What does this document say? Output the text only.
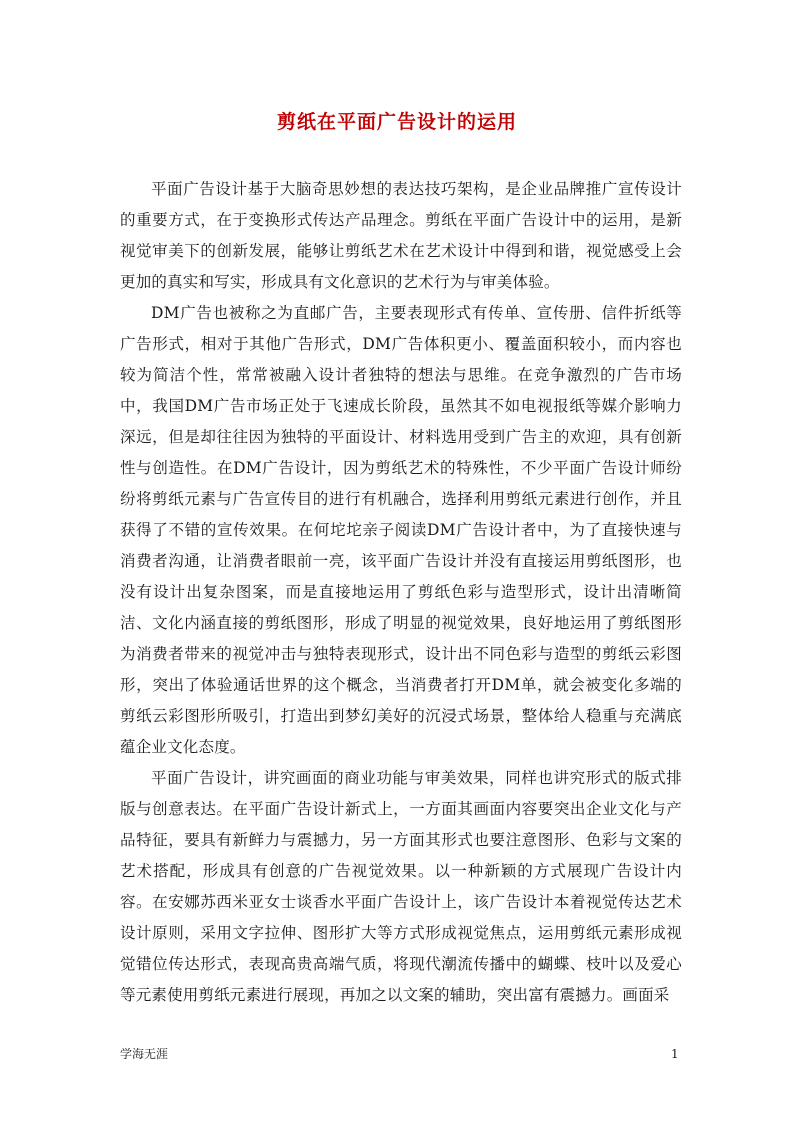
剪纸在平面广告设计的运用

平面广告设计基于大脑奇思妙想的表达技巧架构，是企业品牌推广宣传设计的重要方式，在于变换形式传达产品理念。剪纸在平面广告设计中的运用，是新视觉审美下的创新发展，能够让剪纸艺术在艺术设计中得到和谐，视觉感受上会更加的真实和写实，形成具有文化意识的艺术行为与审美体验。

DM广告也被称之为直邮广告，主要表现形式有传单、宣传册、信件折纸等广告形式，相对于其他广告形式，DM广告体积更小、覆盖面积较小，而内容也较为简洁个性，常常被融入设计者独特的想法与思维。在竞争激烈的广告市场中，我国DM广告市场正处于飞速成长阶段，虽然其不如电视报纸等媒介影响力深远，但是却往往因为独特的平面设计、材料选用受到广告主的欢迎，具有创新性与创造性。在DM广告设计，因为剪纸艺术的特殊性，不少平面广告设计师纷纷将剪纸元素与广告宣传目的进行有机融合，选择利用剪纸元素进行创作，并且获得了不错的宣传效果。在何坨坨亲子阅读DM广告设计者中，为了直接快速与消费者沟通，让消费者眼前一亮，该平面广告设计并没有直接运用剪纸图形，也没有设计出复杂图案，而是直接地运用了剪纸色彩与造型形式，设计出清晰简洁、文化内涵直接的剪纸图形，形成了明显的视觉效果，良好地运用了剪纸图形为消费者带来的视觉冲击与独特表现形式，设计出不同色彩与造型的剪纸云彩图形，突出了体验通话世界的这个概念，当消费者打开DM单，就会被变化多端的剪纸云彩图形所吸引，打造出到梦幻美好的沉浸式场景，整体给人稳重与充满底蕴企业文化态度。

平面广告设计，讲究画面的商业功能与审美效果，同样也讲究形式的版式排版与创意表达。在平面广告设计新式上，一方面其画面内容要突出企业文化与产品特征，要具有新鲜力与震撼力，另一方面其形式也要注意图形、色彩与文案的艺术搭配，形成具有创意的广告视觉效果。以一种新颖的方式展现广告设计内容。在安娜苏西米亚女士谈香水平面广告设计上，该广告设计本着视觉传达艺术设计原则，采用文字拉伸、图形扩大等方式形成视觉焦点，运用剪纸元素形成视觉错位传达形式，表现高贵高端气质，将现代潮流传播中的蝴蝶、枝叶以及爱心等元素使用剪纸元素进行展现，再加之以文案的辅助，突出富有震撼力。画面采

学海无涯	1
